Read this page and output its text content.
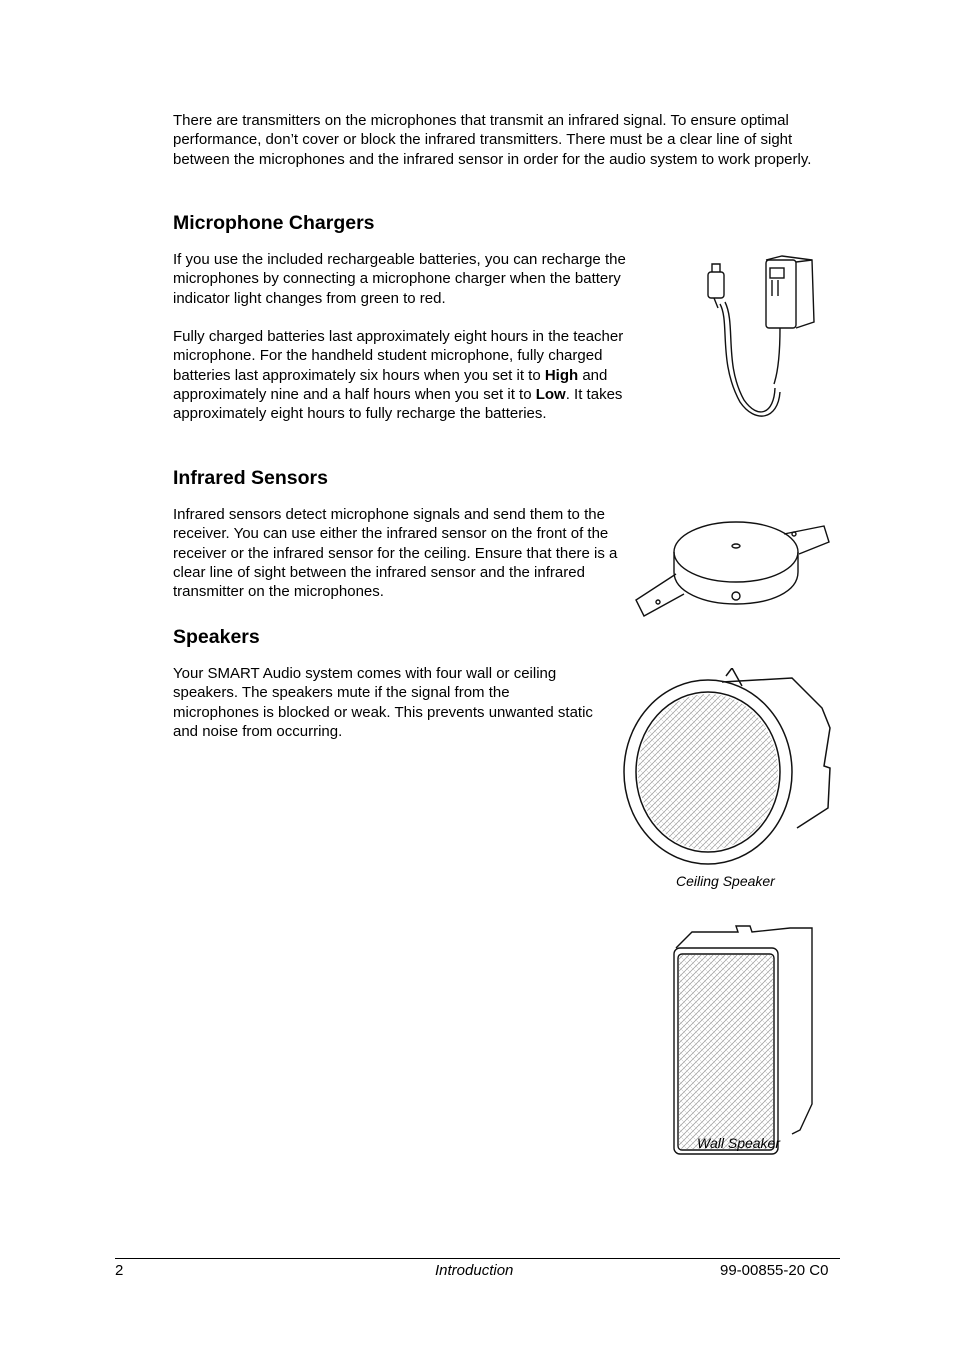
There are transmitters on the microphones that transmit an infrared signal. To ensure optimal performance, don’t cover or block the infrared transmitters. There must be a clear line of sight between the microphones and the infrared sensor in order for the audio system to work properly.

Microphone Chargers

If you use the included rechargeable batteries, you can recharge the microphones by connecting a microphone charger when the battery indicator light changes from green to red.

Fully charged batteries last approximately eight hours in the teacher microphone. For the handheld student microphone, fully charged batteries last approximately six hours when you set it to High and approximately nine and a half hours when you set it to Low. It takes approximately eight hours to fully recharge the batteries.

Infrared Sensors

Infrared sensors detect microphone signals and send them to the receiver. You can use either the infrared sensor on the front of the receiver or the infrared sensor for the ceiling. Ensure that there is a clear line of sight between the infrared sensor and the infrared transmitter on the microphones.

Speakers

Your SMART Audio system comes with four wall or ceiling speakers. The speakers mute if the signal from the microphones is blocked or weak. This prevents unwanted static and noise from occurring.

Ceiling Speaker
Wall Speaker
2	Introduction	99-00855-20 C0
